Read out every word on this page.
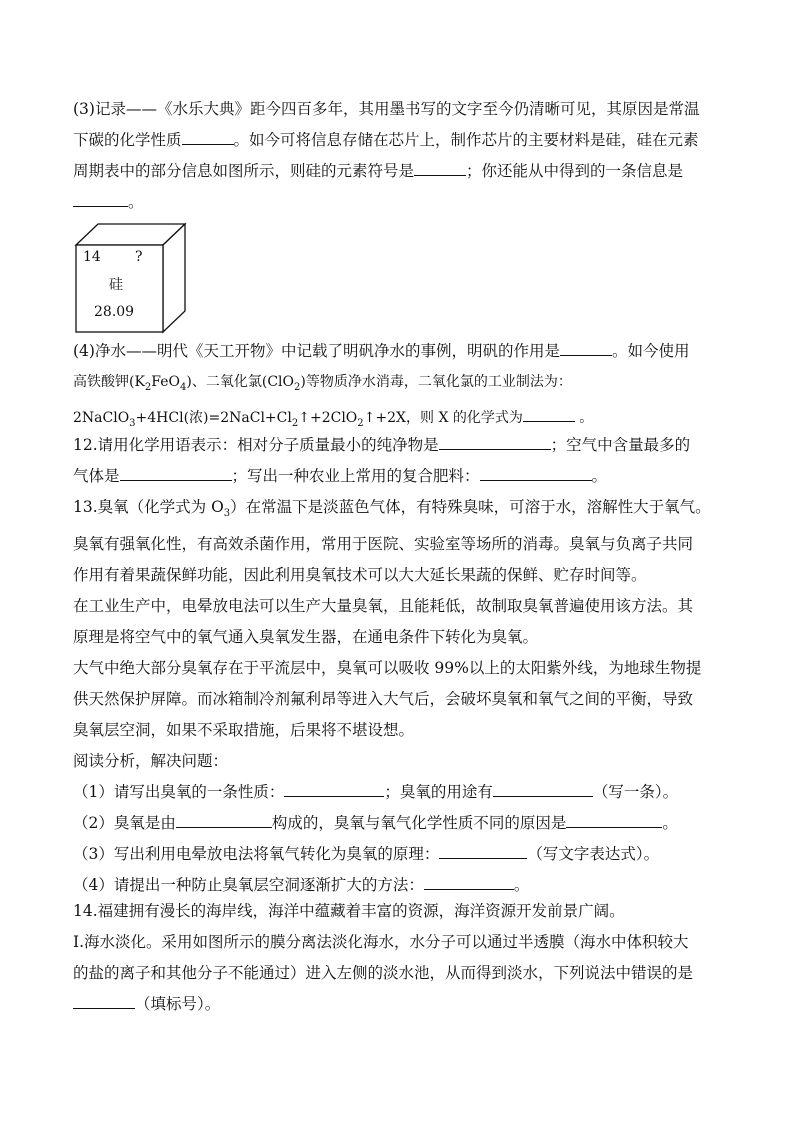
(3)记录——《水乐大典》距今四百多年，其用墨书写的文字至今仍清晰可见，其原因是常温
下碳的化学性质	。如今可将信息存储在芯片上，制作芯片的主要材料是硅，硅在元素
周期表中的部分信息如图所示，则硅的元素符号是	；你还能从中得到的一条信息是
。
14 ?
硅
28.09
(4)净水——明代《天工开物》中记载了明矾净水的事例，明矾的作用是	。如今使用
高铁酸钾$(K_2FeO_4)$、二氧化氯(ClO$_2$)等物质净水消毒，二氧化氯的工业制法为：
2NaClO$_3$+4HCl(浓)$=2NaCl+Cl_2↑+2ClO_2↑+2X$，则 X 的化学式为	。
12.请用化学用语表示：相对分子质量最小的纯净物是	；空气中含量最多的
气体是	；写出一种农业上常用的复合肥料：	。
13.臭氧（化学式为 $O_3$）在常温下是淡蓝色气体，有特殊臭味，可溶于水，溶解性大于氧气。
臭氧有强氧化性，有高效杀菌作用，常用于医院、实验室等场所的消毒。臭氧与负离子共同
作用有着果蔬保鲜功能，因此利用臭氧技术可以大大延长果蔬的保鲜、贮存时间等。
在工业生产中，电晕放电法可以生产大量臭氧，且能耗低，故制取臭氧普遍使用该方法。其
原理是将空气中的氧气通入臭氧发生器，在通电条件下转化为臭氧。
大气中绝大部分臭氧存在于平流层中，臭氧可以吸收 99%以上的太阳紫外线，为地球生物提
供天然保护屏障。而冰箱制冷剂氟利昂等进入大气后，会破坏臭氧和氧气之间的平衡，导致
臭氧层空洞，如果不采取措施，后果将不堪设想。
阅读分析，解决问题：
（1）请写出臭氧的一条性质：	；臭氧的用途有	（写一条）。
（2）臭氧是由	构成的，臭氧与氧气化学性质不同的原因是	。
（3）写出利用电晕放电法将氧气转化为臭氧的原理：	（写文字表达式）。
（4）请提出一种防止臭氧层空洞逐渐扩大的方法：	。
14.福建拥有漫长的海岸线，海洋中蕴藏着丰富的资源，海洋资源开发前景广阔。
Ⅰ.海水淡化。采用如图所示的膜分离法淡化海水，水分子可以通过半透膜（海水中体积较大
的盐的离子和其他分子不能通过）进入左侧的淡水池，从而得到淡水，下列说法中错误的是
（填标号）。
